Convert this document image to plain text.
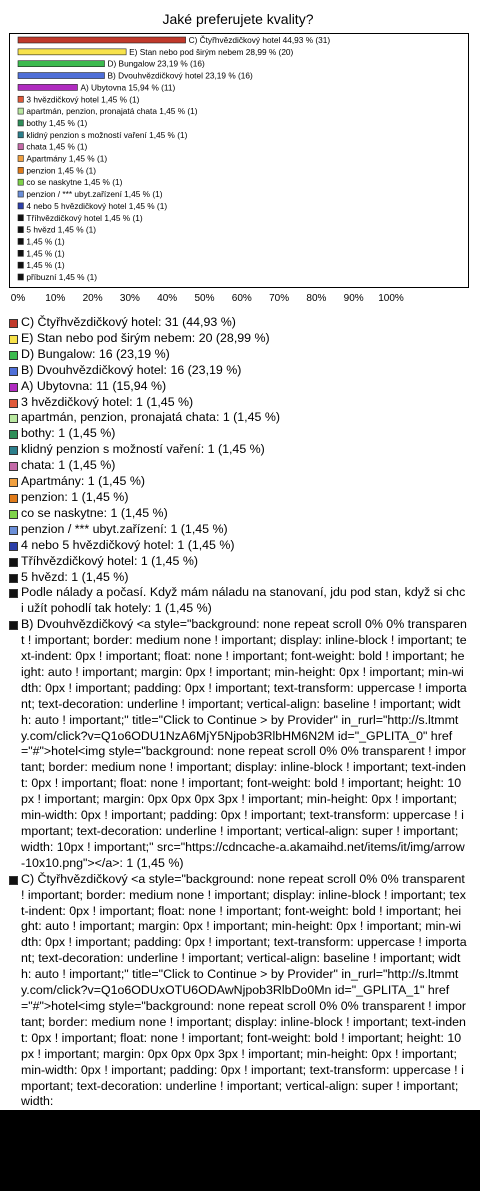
Jaké preferujete kvality?
C) Čtyřhvězdičkový hotel 44,93 % (31)
E) Stan nebo pod širým nebem 28,99 % (20)
D) Bungalow 23,19 % (16)
B) Dvouhvězdičkový hotel 23,19 % (16)
A) Ubytovna 15,94 % (11)
3 hvězdičkový hotel 1,45 % (1)
apartmán, penzion, pronajatá chata 1,45 % (1)
bothy 1,45 % (1)
klidný penzion s možností vaření 1,45 % (1)
chata 1,45 % (1)
Apartmány 1,45 % (1)
penzion 1,45 % (1)
co se naskytne 1,45 % (1)
penzion / *** ubyt.zařízení 1,45 % (1)
4 nebo 5 hvězdičkový hotel 1,45 % (1)
Tříhvězdičkový hotel 1,45 % (1)
5 hvězd 1,45 % (1)
1,45 % (1)
1,45 % (1)
1,45 % (1)
příbuzní 1,45 % (1)
0% 10% 20% 30% 40% 50% 60% 70% 80% 90% 100%
C) Čtyřhvězdičkový hotel: 31 (44,93 %)
E) Stan nebo pod širým nebem: 20 (28,99 %)
D) Bungalow: 16 (23,19 %)
B) Dvouhvězdičkový hotel: 16 (23,19 %)
A) Ubytovna: 11 (15,94 %)
3 hvězdičkový hotel: 1 (1,45 %)
apartmán, penzion, pronajatá chata: 1 (1,45 %)
bothy: 1 (1,45 %)
klidný penzion s možností vaření: 1 (1,45 %)
chata: 1 (1,45 %)
Apartmány: 1 (1,45 %)
penzion: 1 (1,45 %)
co se naskytne: 1 (1,45 %)
penzion / *** ubyt.zařízení: 1 (1,45 %)
4 nebo 5 hvězdičkový hotel: 1 (1,45 %)
Tříhvězdičkový hotel: 1 (1,45 %)
5 hvězd: 1 (1,45 %)
Podle nálady a počasí. Když mám náladu na stanovaní, jdu pod stan, když si chci užít pohodlí tak hotely: 1 (1,45 %)
B) Dvouhvězdičkový <a style="background: none repeat scroll 0% 0% transparent ! important; border: medium none ! important; display: inline-block ! important; text-indent: 0px ! important; float: none ! important; font-weight: bold ! important; height: auto ! important; margin: 0px ! important; min-height: 0px ! important; min-width: 0px ! important; padding: 0px ! important; text-transform: uppercase ! important; text-decoration: underline ! important; vertical-align: baseline ! important; width: auto ! important;" title="Click to Continue > by Provider" in_rurl="http://s.ltmmty.com/click?v=Q1o6ODU1NzA6MjY5Njpob3RlbHM6N2M id="_GPLITA_0" href="#">hotel<img style="background: none repeat scroll 0% 0% transparent ! important; border: medium none ! important; display: inline-block ! important; text-indent: 0px ! important; float: none ! important; font-weight: bold ! important; height: 10px ! important; margin: 0px 0px 0px 3px ! important; min-height: 0px ! important; min-width: 0px ! important; padding: 0px ! important; text-transform: uppercase ! important; text-decoration: underline ! important; vertical-align: super ! important; width: 10px ! important;" src="https://cdncache-a.akamaihd.net/items/it/img/arrow-10x10.png"></a>: 1 (1,45 %)
C) Čtyřhvězdičkový <a style="background: none repeat scroll 0% 0% transparent ! important; border: medium none ! important; display: inline-block ! important; text-indent: 0px ! important; float: none ! important; font-weight: bold ! important; height: auto ! important; margin: 0px ! important; min-height: 0px ! important; min-width: 0px ! important; padding: 0px ! important; text-transform: uppercase ! important; text-decoration: underline ! important; vertical-align: baseline ! important; width: auto ! important;" title="Click to Continue > by Provider" in_rurl="http://s.ltmmty.com/click?v=Q1o6ODUxOTU6ODAwNjpob3RlbDo0Mn id="_GPLITA_1" href="#">hotel<img style="background: none repeat scroll 0% 0% transparent ! important; border: medium none ! important; display: inline-block ! important; text-indent: 0px ! important; float: none ! important; font-weight: bold ! important; height: 10px ! important; margin: 0px 0px 0px 3px ! important; min-height: 0px ! important; min-width: 0px ! important; padding: 0px ! important; text-transform: uppercase ! important; text-decoration: underline ! important; vertical-align: super ! important; width:
